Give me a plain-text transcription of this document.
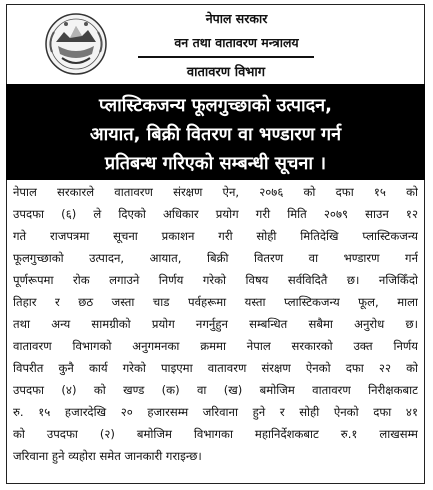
नेपाल सरकार
वन तथा वातावरण मन्त्रालय
वातावरण विभाग
प्लास्टिकजन्य फूलगुच्छाको उत्पादन,
आयात, बिक्री वितरण वा भण्डारण गर्न
प्रतिबन्ध गरिएको सम्बन्धी सूचना ।
नेपाल सरकारले वातावरण संरक्षण ऐन, २०७६ को दफा १५ को
उपदफा (६) ले दिएको अधिकार प्रयोग गरी मिति २०७९ साउन १२
गते राजपत्रमा सूचना प्रकाशन गरी सोही मितिदेखि प्लास्टिकजन्य
फूलगुच्छाको उत्पादन, आयात, बिक्री वितरण वा भण्डारण गर्न
पूर्णरूपमा रोक लगाउने निर्णय गरेको विषय सर्वविदितै छ। नजिकिँदो
तिहार र छठ जस्ता चाड पर्वहरूमा यस्ता प्लास्टिकजन्य फूल, माला
तथा अन्य सामग्रीको प्रयोग नगर्नुहुन सम्बन्धित सबैमा अनुरोध छ।
वातावरण विभागको अनुगमनका क्रममा नेपाल सरकारको उक्त निर्णय
विपरीत कुनै कार्य गरेको पाइएमा वातावरण संरक्षण ऐनको दफा २२ को
उपदफा (४) को खण्ड (क) वा (ख) बमोजिम वातावरण निरीक्षकबाट
रु. १५ हजारदेखि २० हजारसम्म जरिवाना हुने र सोही ऐनको दफा ४१
को उपदफा (२) बमोजिम विभागका महानिर्देशकबाट रु.१ लाखसम्म
जरिवाना हुने व्यहोरा समेत जानकारी गराइन्छ।
